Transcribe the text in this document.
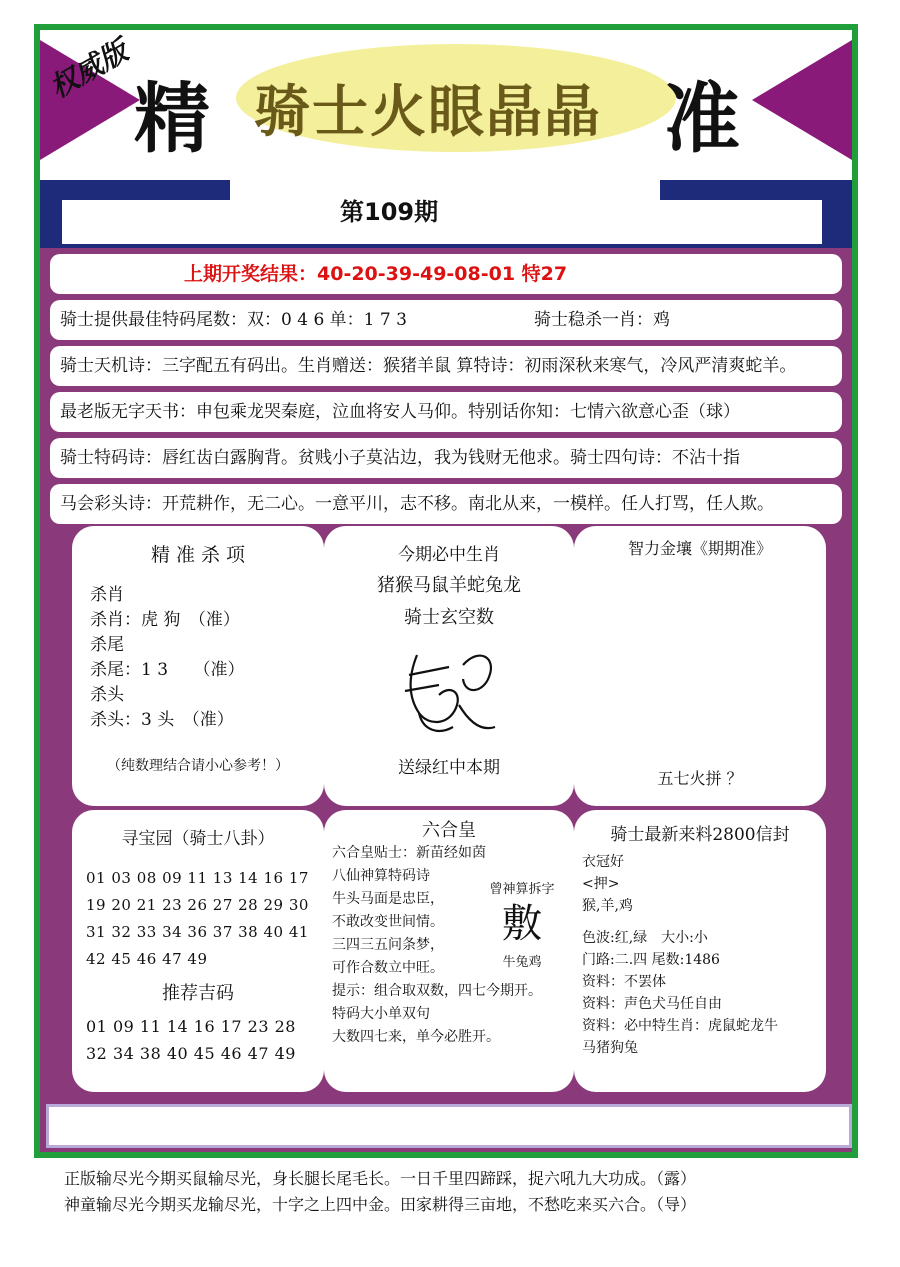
权威版
精 骑士火眼晶晶 准
第109期
上期开奖结果：40-20-39-49-08-01 特27
骑士提供最佳特码尾数：双：0 4 6 单：1 7 3	骑士稳杀一肖：鸡
骑士天机诗：三字配五有码出。生肖赠送：猴猪羊鼠 算特诗：初雨深秋来寒气，冷风严清爽蛇羊。
最老版无字天书：申包乘龙哭秦庭，泣血将安人马仰。特别话你知：七情六欲意心歪（球）
骑士特码诗：唇红齿白露胸背。贫贱小子莫沾边，我为钱财无他求。骑士四句诗：不沾十指
马会彩头诗：开荒耕作，无二心。一意平川，志不移。南北从来，一模样。任人打骂，任人欺。
精 准 杀 项
杀肖
杀肖：虎 狗　（准）
杀尾
杀尾：1 3　　（准）
杀头
杀头：3 头　（准）
（纯数理结合请小心参考！）
今期必中生肖
猪猴马鼠羊蛇兔龙
骑士玄空数
送绿红中本期
智力金壤《期期准》
五七火拼 ？
寻宝园（骑士八卦）
01 03 08 09 11 13 14 16 17
19 20 21 23 26 27 28 29 30
31 32 33 34 36 37 38 40 41
42 45 46 47 49
推荐吉码
01 09 11 14 16 17 23 28
32 34 38 40 45 46 47 49
六合皇
六合皇贴士：新苗经如茵
八仙神算特码诗
牛头马面是忠臣，
不敢改变世间情。
三四三五问条梦，
可作合数立中旺。
提示：组合取双数，四七今期开。
特码大小单双句
大数四七来，单今必胜开。
曾神算拆字
敷
牛兔鸡
骑士最新来料2800信封
衣冠好
<押>
猴,羊,鸡
色波:红,绿　大小:小
门路:二.四 尾数:1486
资料：不罢体
资料：声色犬马任自由
资料：必中特生肖：虎鼠蛇龙牛
马猪狗兔
正版输尽光今期买鼠输尽光，身长腿长尾毛长。一日千里四蹄踩，捉六吼九大功成。（露）
神童输尽光今期买龙输尽光，十字之上四中金。田家耕得三亩地，不愁吃来买六合。（导）
